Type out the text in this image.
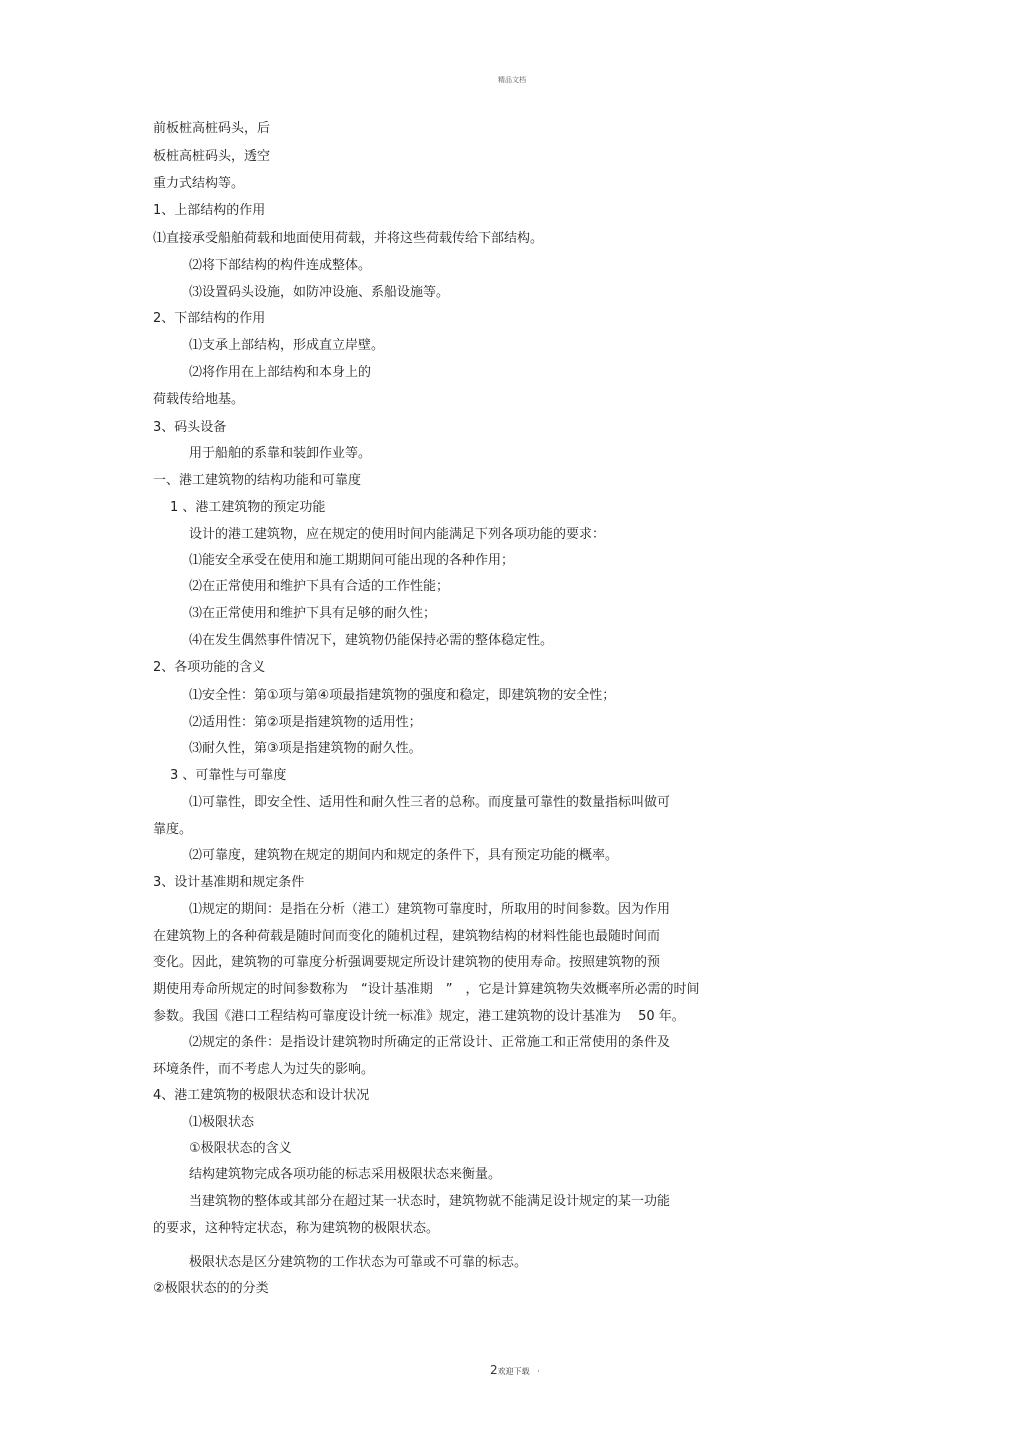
精品文档
前板桩高桩码头，后
板桩高桩码头，透空
重力式结构等。
1、上部结构的作用
⑴直接承受船舶荷载和地面使用荷载，并将这些荷载传给下部结构。
⑵将下部结构的构件连成整体。
⑶设置码头设施，如防冲设施、系船设施等。
2、下部结构的作用
⑴支承上部结构，形成直立岸壁。
⑵将作用在上部结构和本身上的
荷载传给地基。
3、码头设备
用于船舶的系靠和装卸作业等。
一、港工建筑物的结构功能和可靠度
1 、港工建筑物的预定功能
设计的港工建筑物，应在规定的使用时间内能满足下列各项功能的要求：
⑴能安全承受在使用和施工期期间可能出现的各种作用；
⑵在正常使用和维护下具有合适的工作性能；
⑶在正常使用和维护下具有足够的耐久性；
⑷在发生偶然事件情况下，建筑物仍能保持必需的整体稳定性。
2、各项功能的含义
⑴安全性：第①项与第④项最指建筑物的强度和稳定，即建筑物的安全性；
⑵适用性：第②项是指建筑物的适用性；
⑶耐久性，第③项是指建筑物的耐久性。
3 、可靠性与可靠度
⑴可靠性，即安全性、适用性和耐久性三者的总称。而度量可靠性的数量指标叫做可
靠度。
⑵可靠度，建筑物在规定的期间内和规定的条件下，具有预定功能的概率。
3、设计基准期和规定条件
⑴规定的期间：是指在分析（港工）建筑物可靠度时，所取用的时间参数。因为作用
在建筑物上的各种荷载是随时间而变化的随机过程，建筑物结构的材料性能也最随时间而
变化。因此，建筑物的可靠度分析强调要规定所设计建筑物的使用寿命。按照建筑物的预
期使用寿命所规定的时间参数称为　“设计基准期　”　，它是计算建筑物失效概率所必需的时间
参数。我国《港口工程结构可靠度设计统一标准》规定，港工建筑物的设计基准为　 50 年。
⑵规定的条件：是指设计建筑物时所确定的正常设计、正常施工和正常使用的条件及
环境条件，而不考虑人为过失的影响。
4、港工建筑物的极限状态和设计状况
⑴极限状态
①极限状态的含义
结构建筑物完成各项功能的标志采用极限状态来衡量。
当建筑物的整体或其部分在超过某一状态时，建筑物就不能满足设计规定的某一功能
的要求，这种特定状态，称为建筑物的极限状态。
极限状态是区分建筑物的工作状态为可靠或不可靠的标志。
②极限状态的的分类
2欢迎下载 ·
